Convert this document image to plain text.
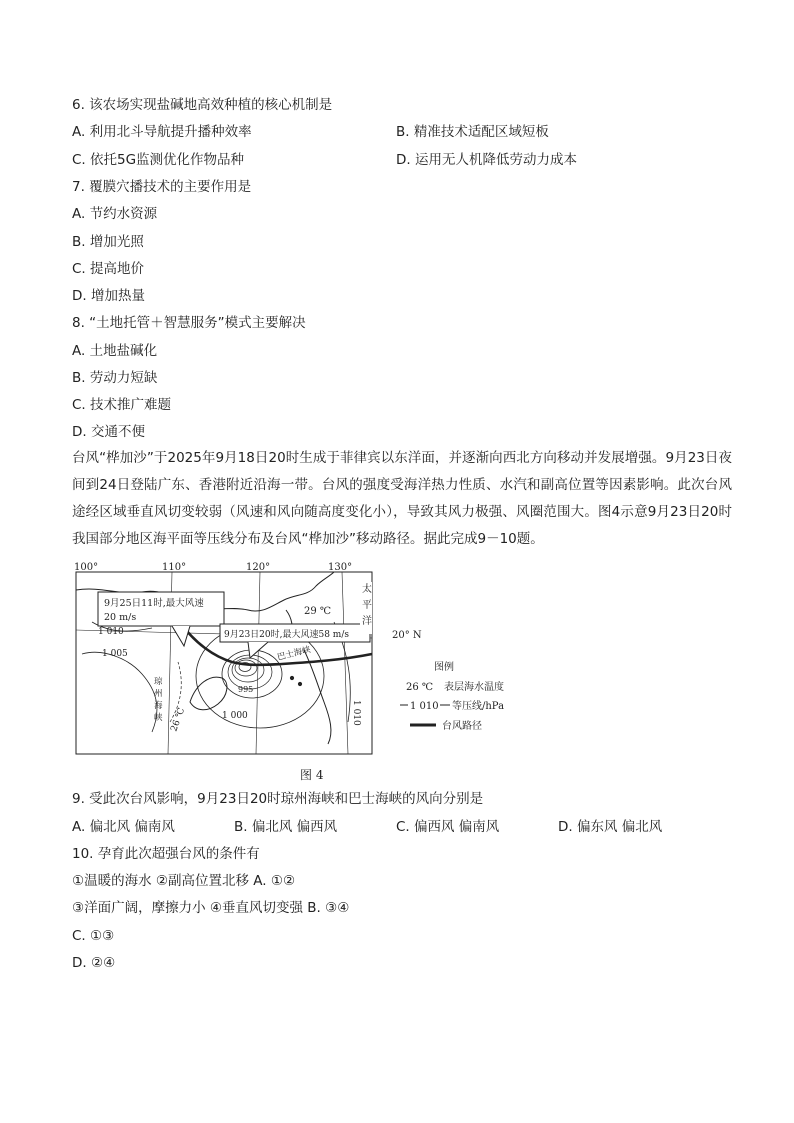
6. 该农场实现盐碱地高效种植的核心机制是
A. 利用北斗导航提升播种效率	B. 精准技术适配区域短板
C. 依托5G监测优化作物品种	D. 运用无人机降低劳动力成本
7. 覆膜穴播技术的主要作用是
A. 节约水资源
B. 增加光照
C. 提高地价
D. 增加热量
8. “土地托管＋智慧服务”模式主要解决
A. 土地盐碱化
B. 劳动力短缺
C. 技术推广难题
D. 交通不便
台风“桦加沙”于2025年9月18日20时生成于菲律宾以东洋面，并逐渐向西北方向移动并发展增强。9月23日夜间到24日登陆广东、香港附近沿海一带。台风的强度受海洋热力性质、水汽和副高位置等因素影响。此次台风途经区域垂直风切变较弱（风速和风向随高度变化小），导致其风力极强、风圈范围大。图4示意9月23日20时我国部分地区海平面等压线分布及台风“桦加沙”移动路径。据此完成9－10题。
100°	110°	120°	130°
20° N
9月25日11时,最大风速
20 m/s
9月23日20时,最大风速58 m/s
29 ℃
太
平
洋
巴士海峡
琼
州
海
峡
1 010
1 005
1 000
995
1 010
26 ℃
图例
26 ℃ 表层海水温度
1 010 等压线/hPa
台风路径
图 4
9. 受此次台风影响，9月23日20时琼州海峡和巴士海峡的风向分别是
A. 偏北风 偏南风	B. 偏北风 偏西风	C. 偏西风 偏南风	D. 偏东风 偏北风
10. 孕育此次超强台风的条件有
①温暖的海水 ②副高位置北移 A. ①②
③洋面广阔，摩擦力小 ④垂直风切变强 B. ③④
C. ①③
D. ②④
